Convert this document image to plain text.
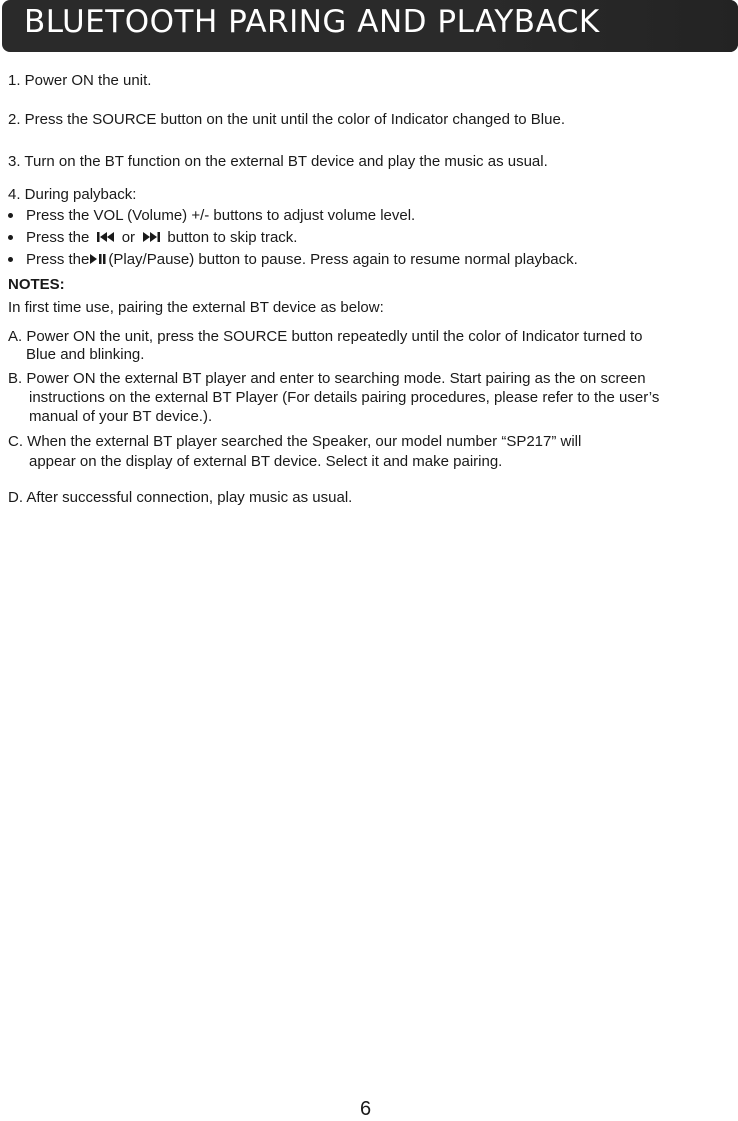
BLUETOOTH PARING AND PLAYBACK
1. Power ON the unit.
2. Press the SOURCE button on the unit until the color of Indicator changed to Blue.
3. Turn on the BT function on the external BT device and play the music as usual.
4. During palyback:
Press the VOL (Volume) +/- buttons to adjust volume level.
Press the or button to skip track.
Press the (Play/Pause) button to pause. Press again to resume normal playback.
NOTES:
In first time use, pairing the external BT device as below:
A. Power ON the unit, press the SOURCE button repeatedly until the color of Indicator turned to
Blue and blinking.
B. Power ON the external BT player and enter to searching mode. Start pairing as the on screen
instructions on the external BT Player (For details pairing procedures, please refer to the user’s
manual of your BT device.).
C. When the external BT player searched the Speaker, our model number “SP217” will
appear on the display of external BT device. Select it and make pairing.
D. After successful connection, play music as usual.
6
